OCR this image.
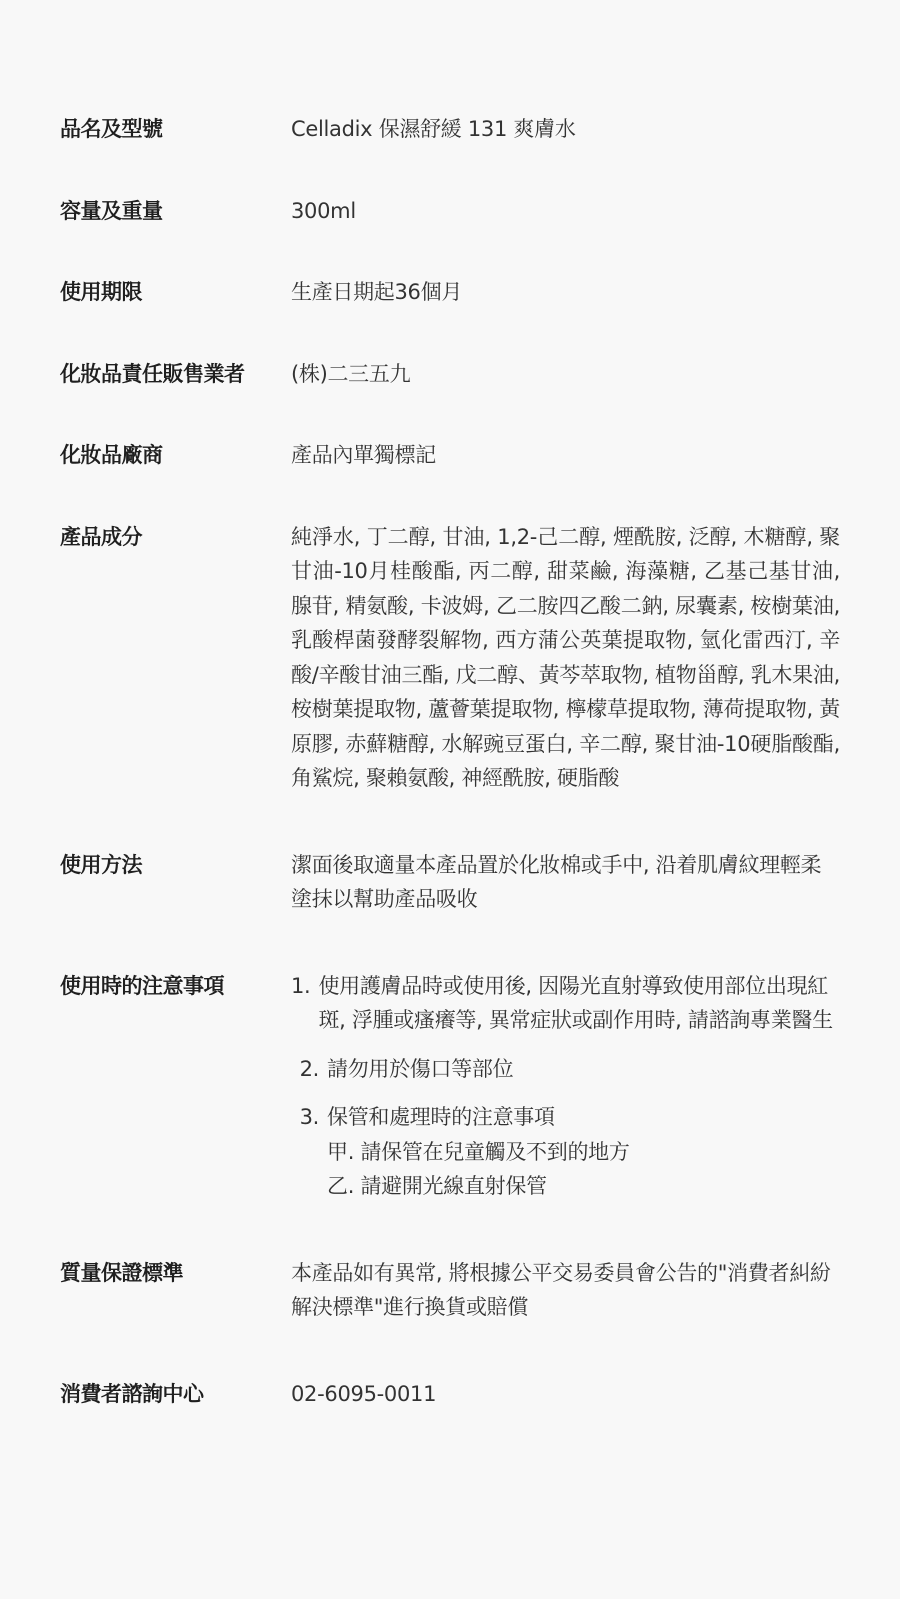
品名及型號	Celladix 保濕舒緩 131 爽膚水
容量及重量	300ml
使用期限	生產日期起36個月
化妝品責任販售業者	(株)二三五九
化妝品廠商	產品內單獨標記
產品成分	純淨水, 丁二醇, 甘油, 1,2-己二醇, 煙酰胺, 泛醇, 木糖醇, 聚甘油-10月桂酸酯, 丙二醇, 甜菜鹼, 海藻糖, 乙基己基甘油, 腺苷, 精氨酸, 卡波姆, 乙二胺四乙酸二鈉, 尿囊素, 桉樹葉油, 乳酸桿菌發酵裂解物, 西方蒲公英葉提取物, 氫化雷西汀, 辛酸/辛酸甘油三酯, 戊二醇、黃芩萃取物, 植物甾醇, 乳木果油, 桉樹葉提取物, 蘆薈葉提取物, 檸檬草提取物, 薄荷提取物, 黃原膠, 赤蘚糖醇, 水解豌豆蛋白, 辛二醇, 聚甘油-10硬脂酸酯, 角鯊烷, 聚賴氨酸, 神經酰胺, 硬脂酸
使用方法	潔面後取適量本產品置於化妝棉或手中, 沿着肌膚紋理輕柔塗抹以幫助產品吸收
使用時的注意事項	1. 使用護膚品時或使用後, 因陽光直射導致使用部位出現紅斑, 浮腫或瘙癢等, 異常症狀或副作用時, 請諮詢專業醫生
2. 請勿用於傷口等部位
3. 保管和處理時的注意事項
甲. 請保管在兒童觸及不到的地方
乙. 請避開光線直射保管
質量保證標準	本產品如有異常, 將根據公平交易委員會公告的"消費者糾紛解決標準"進行換貨或賠償
消費者諮詢中心	02-6095-0011
